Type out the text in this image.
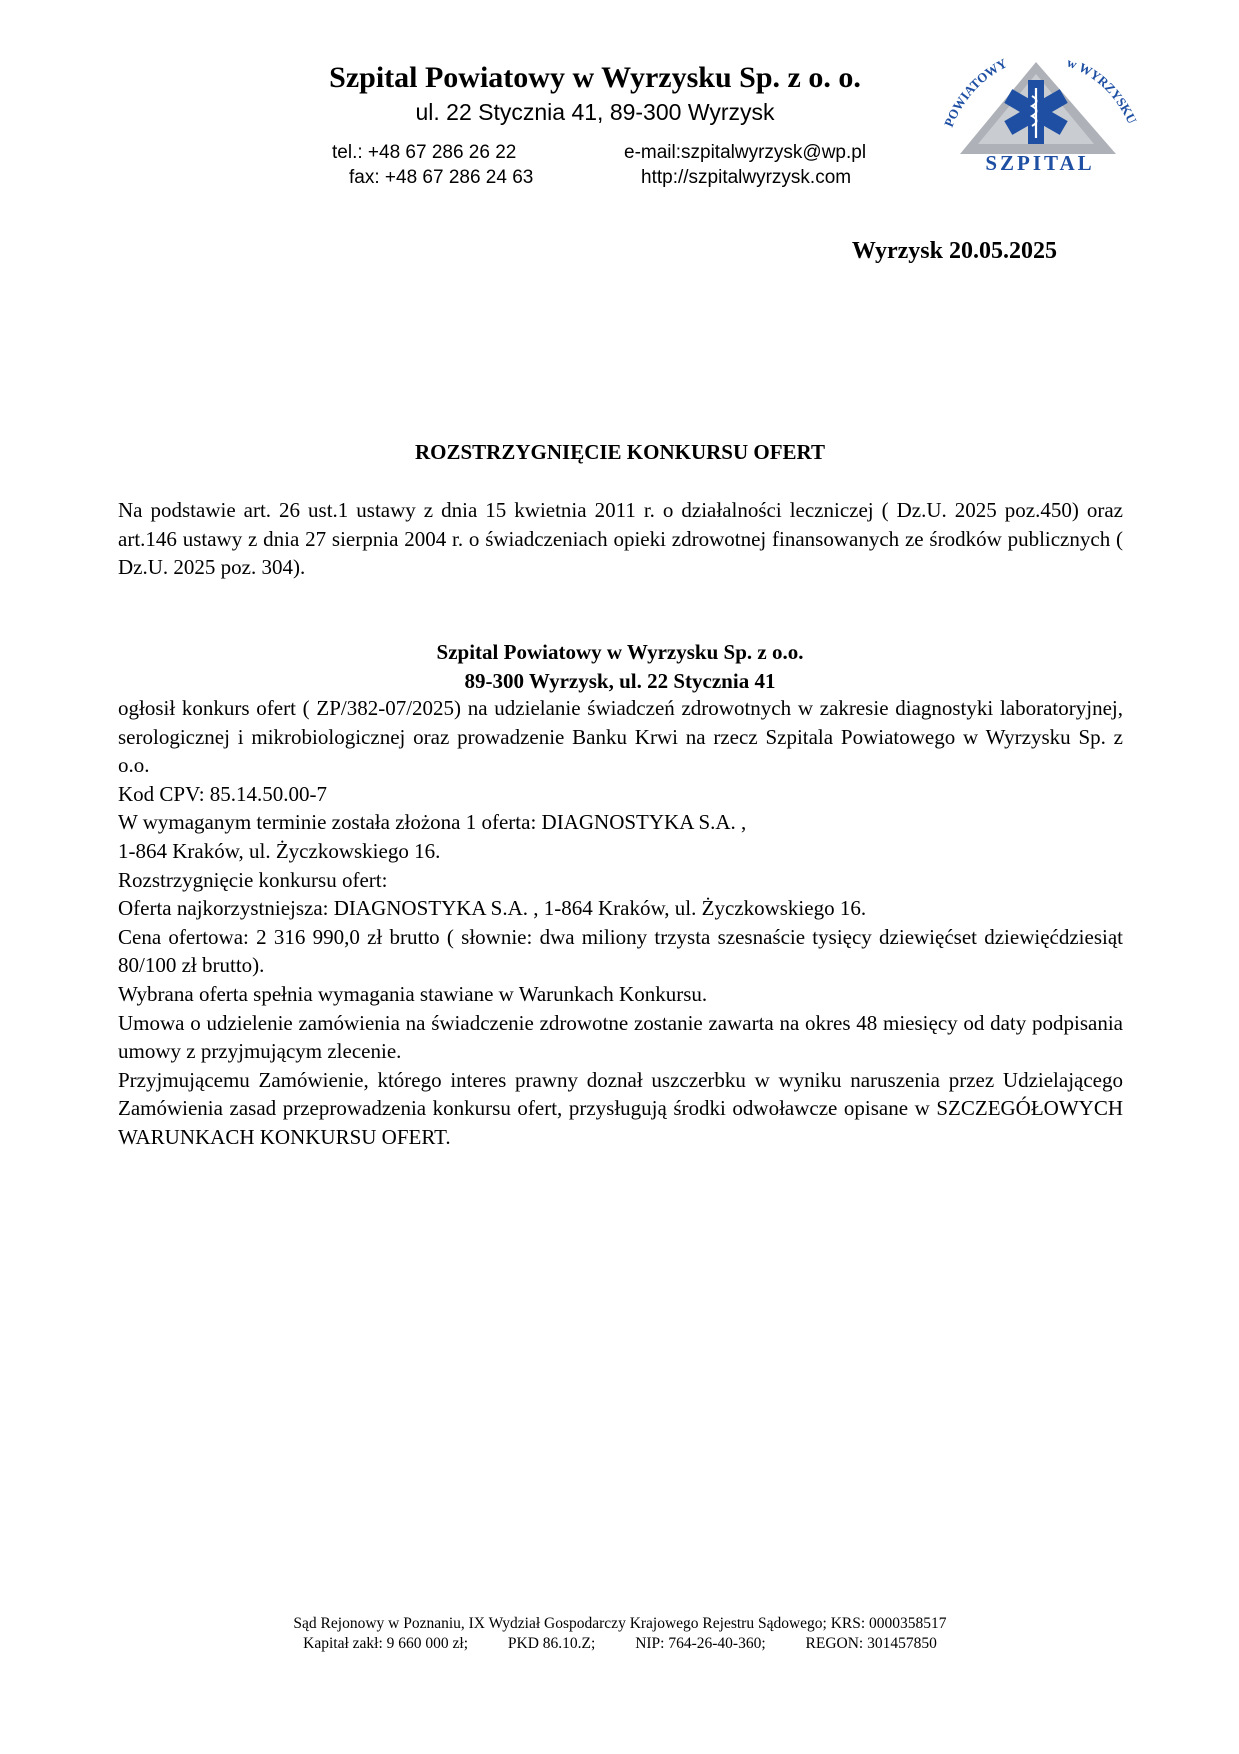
Szpital Powiatowy w Wyrzysku Sp. z o. o.
ul. 22 Stycznia 41, 89-300 Wyrzysk
tel.: +48 67 286 26 22
fax: +48 67 286 24 63
e-mail:szpitalwyrzysk@wp.pl
http://szpitalwyrzysk.com
POWIATOWY	w WYRZYSKU
SZPITAL
Wyrzysk 20.05.2025
ROZSTRZYGNIĘCIE KONKURSU OFERT
Na podstawie art. 26 ust.1 ustawy z dnia 15 kwietnia 2011 r. o działalności leczniczej ( Dz.U. 2025 poz.450) oraz art.146 ustawy z dnia 27 sierpnia 2004 r. o świadczeniach opieki zdrowotnej finansowanych ze środków publicznych ( Dz.U. 2025 poz. 304).
Szpital Powiatowy w Wyrzysku Sp. z o.o.
89-300 Wyrzysk, ul. 22 Stycznia 41

ogłosił konkurs ofert ( ZP/382-07/2025) na udzielanie świadczeń zdrowotnych w zakresie diagnostyki laboratoryjnej, serologicznej i mikrobiologicznej oraz prowadzenie Banku Krwi na rzecz Szpitala Powiatowego w Wyrzysku Sp. z o.o.

Kod CPV: 85.14.50.00-7

W wymaganym terminie została złożona 1 oferta: DIAGNOSTYKA S.A. ,

1-864 Kraków, ul. Życzkowskiego 16.

Rozstrzygnięcie konkursu ofert:

Oferta najkorzystniejsza: DIAGNOSTYKA S.A. , 1-864 Kraków, ul. Życzkowskiego 16.

Cena ofertowa: 2 316 990,0 zł brutto ( słownie: dwa miliony trzysta szesnaście tysięcy dziewięćset dziewięćdziesiąt 80/100 zł brutto).

Wybrana oferta spełnia wymagania stawiane w Warunkach Konkursu.

Umowa o udzielenie zamówienia na świadczenie zdrowotne zostanie zawarta na okres 48 miesięcy od daty podpisania umowy z przyjmującym zlecenie.

Przyjmującemu Zamówienie, którego interes prawny doznał uszczerbku w wyniku naruszenia przez Udzielającego Zamówienia zasad przeprowadzenia konkursu ofert, przysługują środki odwoławcze opisane w SZCZEGÓŁOWYCH WARUNKACH KONKURSU OFERT.

Sąd Rejonowy w Poznaniu, IX Wydział Gospodarczy Krajowego Rejestru Sądowego; KRS: 0000358517
Kapitał zakł: 9 660 000 zł;	PKD 86.10.Z;	NIP: 764-26-40-360;	REGON: 301457850
